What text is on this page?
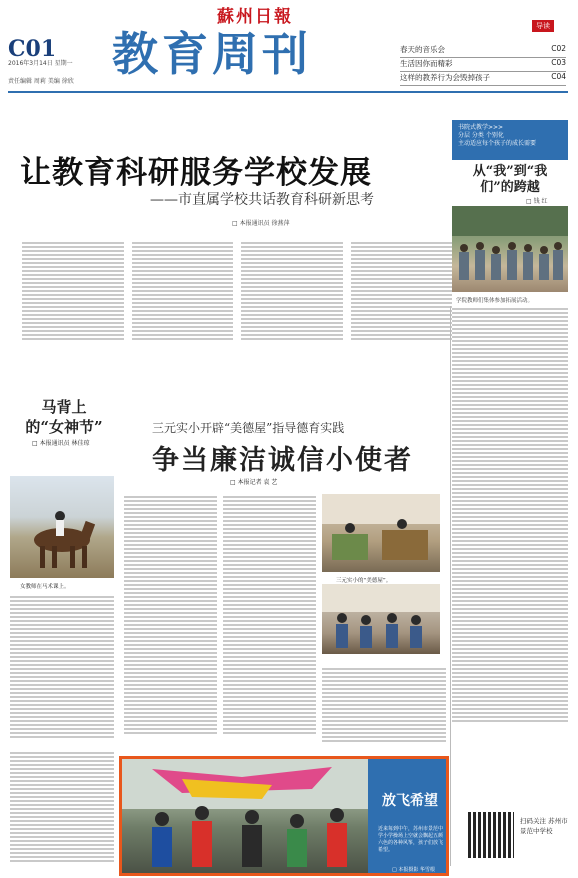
蘇州日報
教育周刊
C01
2016年3月14日 星期一
责任编辑 周莉 美编 徐欣
导读
春天的音乐会	C02
生活因你而精彩	C03
这样的教养行为会毁掉孩子	C04
让教育科研服务学校发展
——市直属学校共话教育科研新思考
□ 本报通讯员 徐燕萍
书院式教学>>>
分层 分类 个别化
主动适应每个孩子的成长需要
从“我”到“我们”的跨越
□ 钱 红
学院教师们集体参加拓展活动。
马背上的“女神节”
□ 本报通讯员 林佳琼
女教师在马术课上。
三元实小开辟“美德屋”指导德育实践
争当廉洁诚信小使者
□ 本报记者 袁 艺
三元实小的“美德屋”。
放飞希望
近来每到中午，苏州市景范中学小学操场上空就会飘起五颜六色的各种风筝，孩子们放飞希望。
□ 本报摄影 华雪根
扫码关注 苏州市景范中学校
